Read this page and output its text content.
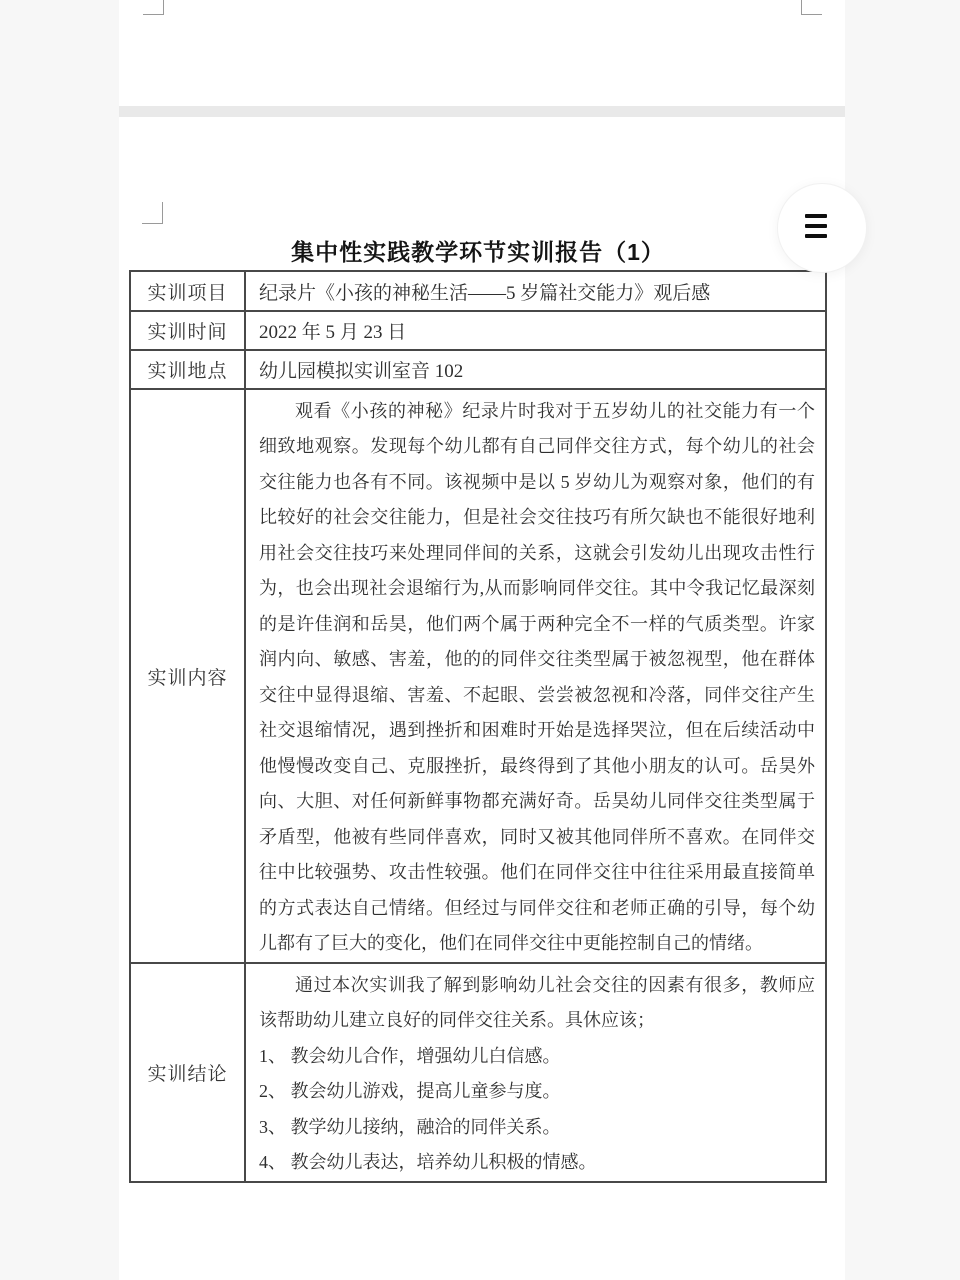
集中性实践教学环节实训报告（1）
实训项目	纪录片《小孩的神秘生活——5 岁篇社交能力》观后感
实训时间	2022 年 5 月 23 日
实训地点	幼儿园模拟实训室音 102
实训内容	观看《小孩的神秘》纪录片时我对于五岁幼儿的社交能力有一个细致地观察。发现每个幼儿都有自己同伴交往方式，每个幼儿的社会交往能力也各有不同。该视频中是以 5 岁幼儿为观察对象，他们的有比较好的社会交往能力，但是社会交往技巧有所欠缺也不能很好地利用社会交往技巧来处理同伴间的关系，这就会引发幼儿出现攻击性行为，也会出现社会退缩行为,从而影响同伴交往。其中令我记忆最深刻的是许佳润和岳昊，他们两个属于两种完全不一样的气质类型。许家润内向、敏感、害羞，他的的同伴交往类型属于被忽视型，他在群体交往中显得退缩、害羞、不起眼、尝尝被忽视和冷落，同伴交往产生社交退缩情况，遇到挫折和困难时开始是选择哭泣，但在后续活动中他慢慢改变自己、克服挫折，最终得到了其他小朋友的认可。岳昊外向、大胆、对任何新鲜事物都充满好奇。岳昊幼儿同伴交往类型属于矛盾型，他被有些同伴喜欢，同时又被其他同伴所不喜欢。在同伴交往中比较强势、攻击性较强。他们在同伴交往中往往采用最直接简单的方式表达自己情绪。但经过与同伴交往和老师正确的引导，每个幼儿都有了巨大的变化，他们在同伴交往中更能控制自己的情绪。

实训结论	通过本次实训我了解到影响幼儿社会交往的因素有很多，教师应该帮助幼儿建立良好的同伴交往关系。具休应该；

1、 教会幼儿合作，增强幼儿白信感。
2、 教会幼儿游戏，提高儿童参与度。
3、 教学幼儿接纳，融洽的同伴关系。
4、 教会幼儿表达，培养幼儿积极的情感。
